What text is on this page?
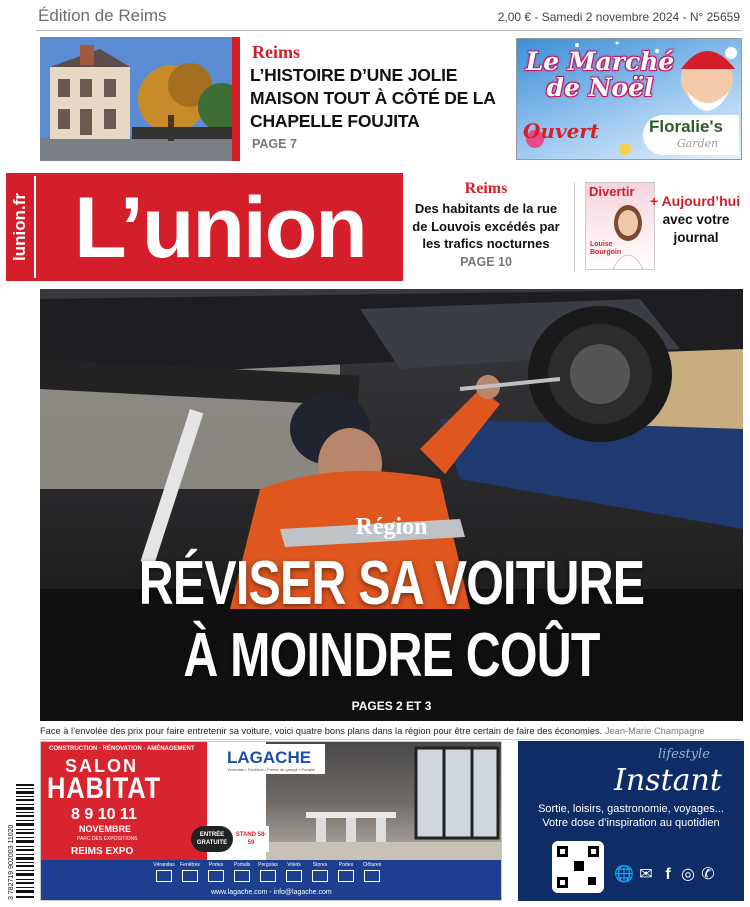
Édition de Reims	2,00 € - Samedi 2 novembre 2024 - N° 25659
Reims
L’HISTOIRE D’UNE JOLIE MAISON TOUT À CÔTÉ DE LA CHAPELLE FOUJITA
PAGE 7
Le Marché de Noël
Ouvert	Floralie's
Garden
lunion.fr L’union	Reims
Des habitants de la rue de Louvois excédés par les trafics nocturnes
PAGE 10
Divertir
Louise Bourgoin
+ Aujourd’hui
avec votre journal
Région
RÉVISER SA VOITURE
À MOINDRE COÛT
PAGES 2 ET 3
Face à l’envolée des prix pour faire entretenir sa voiture, voici quatre bons plans dans la région pour être certain de faire des économies. Jean-Marie Champagne
3 782719 902003 11020
CONSTRUCTION · RÉNOVATION · AMÉNAGEMENT
SALON
HABITAT
8 9 10 11
NOVEMBRE
PARC DES EXPOSITIONS
REIMS EXPO
LAGACHE
Vérandas • Fenêtres • Portes de garage • Portails
ENTRÉE GRATUITE
STAND 58-59
Vérandas	Fenêtres	Portes	Portails	Pergolas	Volets	Stores	Portes	Clôtures
www.lagache.com - info@lagache.com
lifestyle
Instant
Sortie, loisirs, gastronomie, voyages...
Votre dose d’inspiration au quotidien
🌐 ✉ f ◎ ✆
